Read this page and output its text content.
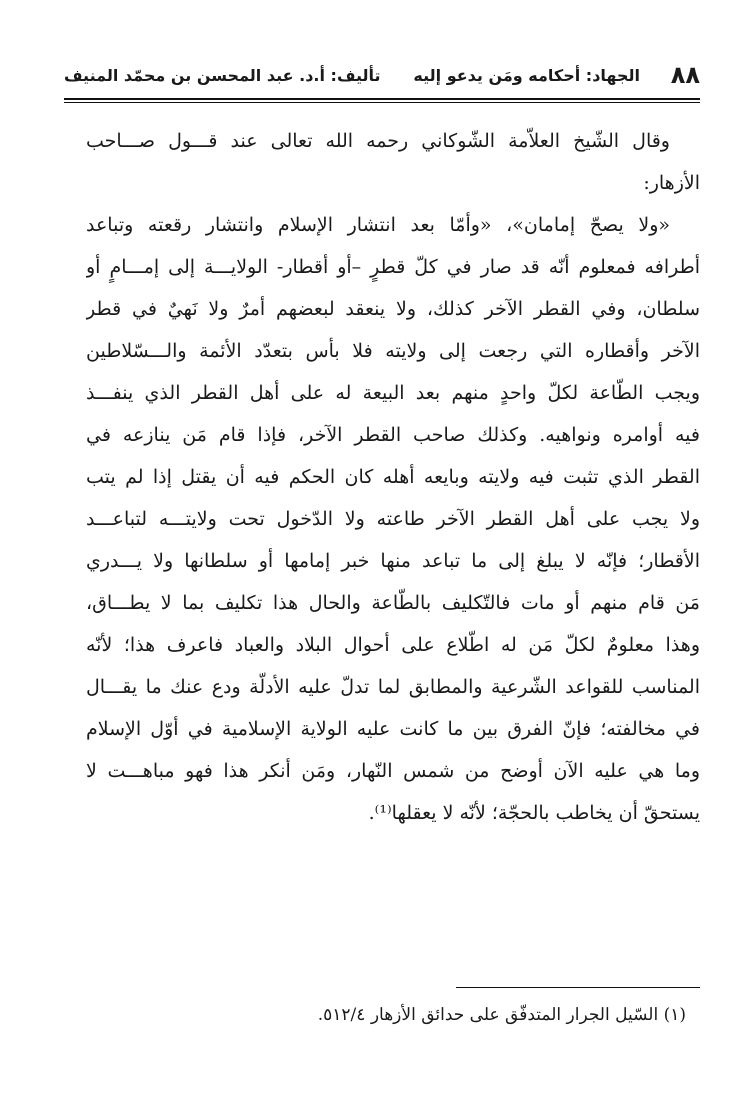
٨٨
الجهاد: أحكامه ومَن يدعو إليه
تأليف: أ.د. عبد المحسن بن محمّد المنيف
وقال الشّيخ العلاّمة الشّوكاني رحمه الله تعالى عند قـــول صـــاحب
الأزهار:
«ولا يصحّ إمامان»، «وأمّا بعد انتشار الإسلام وانتشار رقعته وتباعد
أطرافه فمعلوم أنّه قد صار في كلّ قطرٍ –أو أقطار- الولايـــة إلى إمـــامٍ أو
سلطان، وفي القطر الآخر كذلك، ولا ينعقد لبعضهم أمرٌ ولا نَهيٌ في قطر
الآخر وأقطاره التي رجعت إلى ولايته فلا بأس بتعدّد الأئمة والـــسّلاطين
ويجب الطّاعة لكلّ واحدٍ منهم بعد البيعة له على أهل القطر الذي ينفـــذ
فيه أوامره ونواهيه. وكذلك صاحب القطر الآخر، فإذا قام مَن ينازعه في
القطر الذي تثبت فيه ولايته وبايعه أهله كان الحكم فيه أن يقتل إذا لم يتب
ولا يجب على أهل القطر الآخر طاعته ولا الدّخول تحت ولايتـــه لتباعـــد
الأقطار؛ فإنّه لا يبلغ إلى ما تباعد منها خبر إمامها أو سلطانها ولا يـــدري
مَن قام منهم أو مات فالتّكليف بالطّاعة والحال هذا تكليف بما لا يطـــاق،
وهذا معلومٌ لكلّ مَن له اطّلاع على أحوال البلاد والعباد فاعرف هذا؛ لأنّه
المناسب للقواعد الشّرعية والمطابق لما تدلّ عليه الأدلّة ودع عنك ما يقـــال
في مخالفته؛ فإنّ الفرق بين ما كانت عليه الولاية الإسلامية في أوّل الإسلام
وما هي عليه الآن أوضح من شمس النّهار، ومَن أنكر هذا فهو مباهـــت لا
يستحقّ أن يخاطب بالحجّة؛ لأنّه لا يعقلها⁽¹⁾.
(١) السّيل الجرار المتدفّق على حدائق الأزهار ٥١٢/٤.
